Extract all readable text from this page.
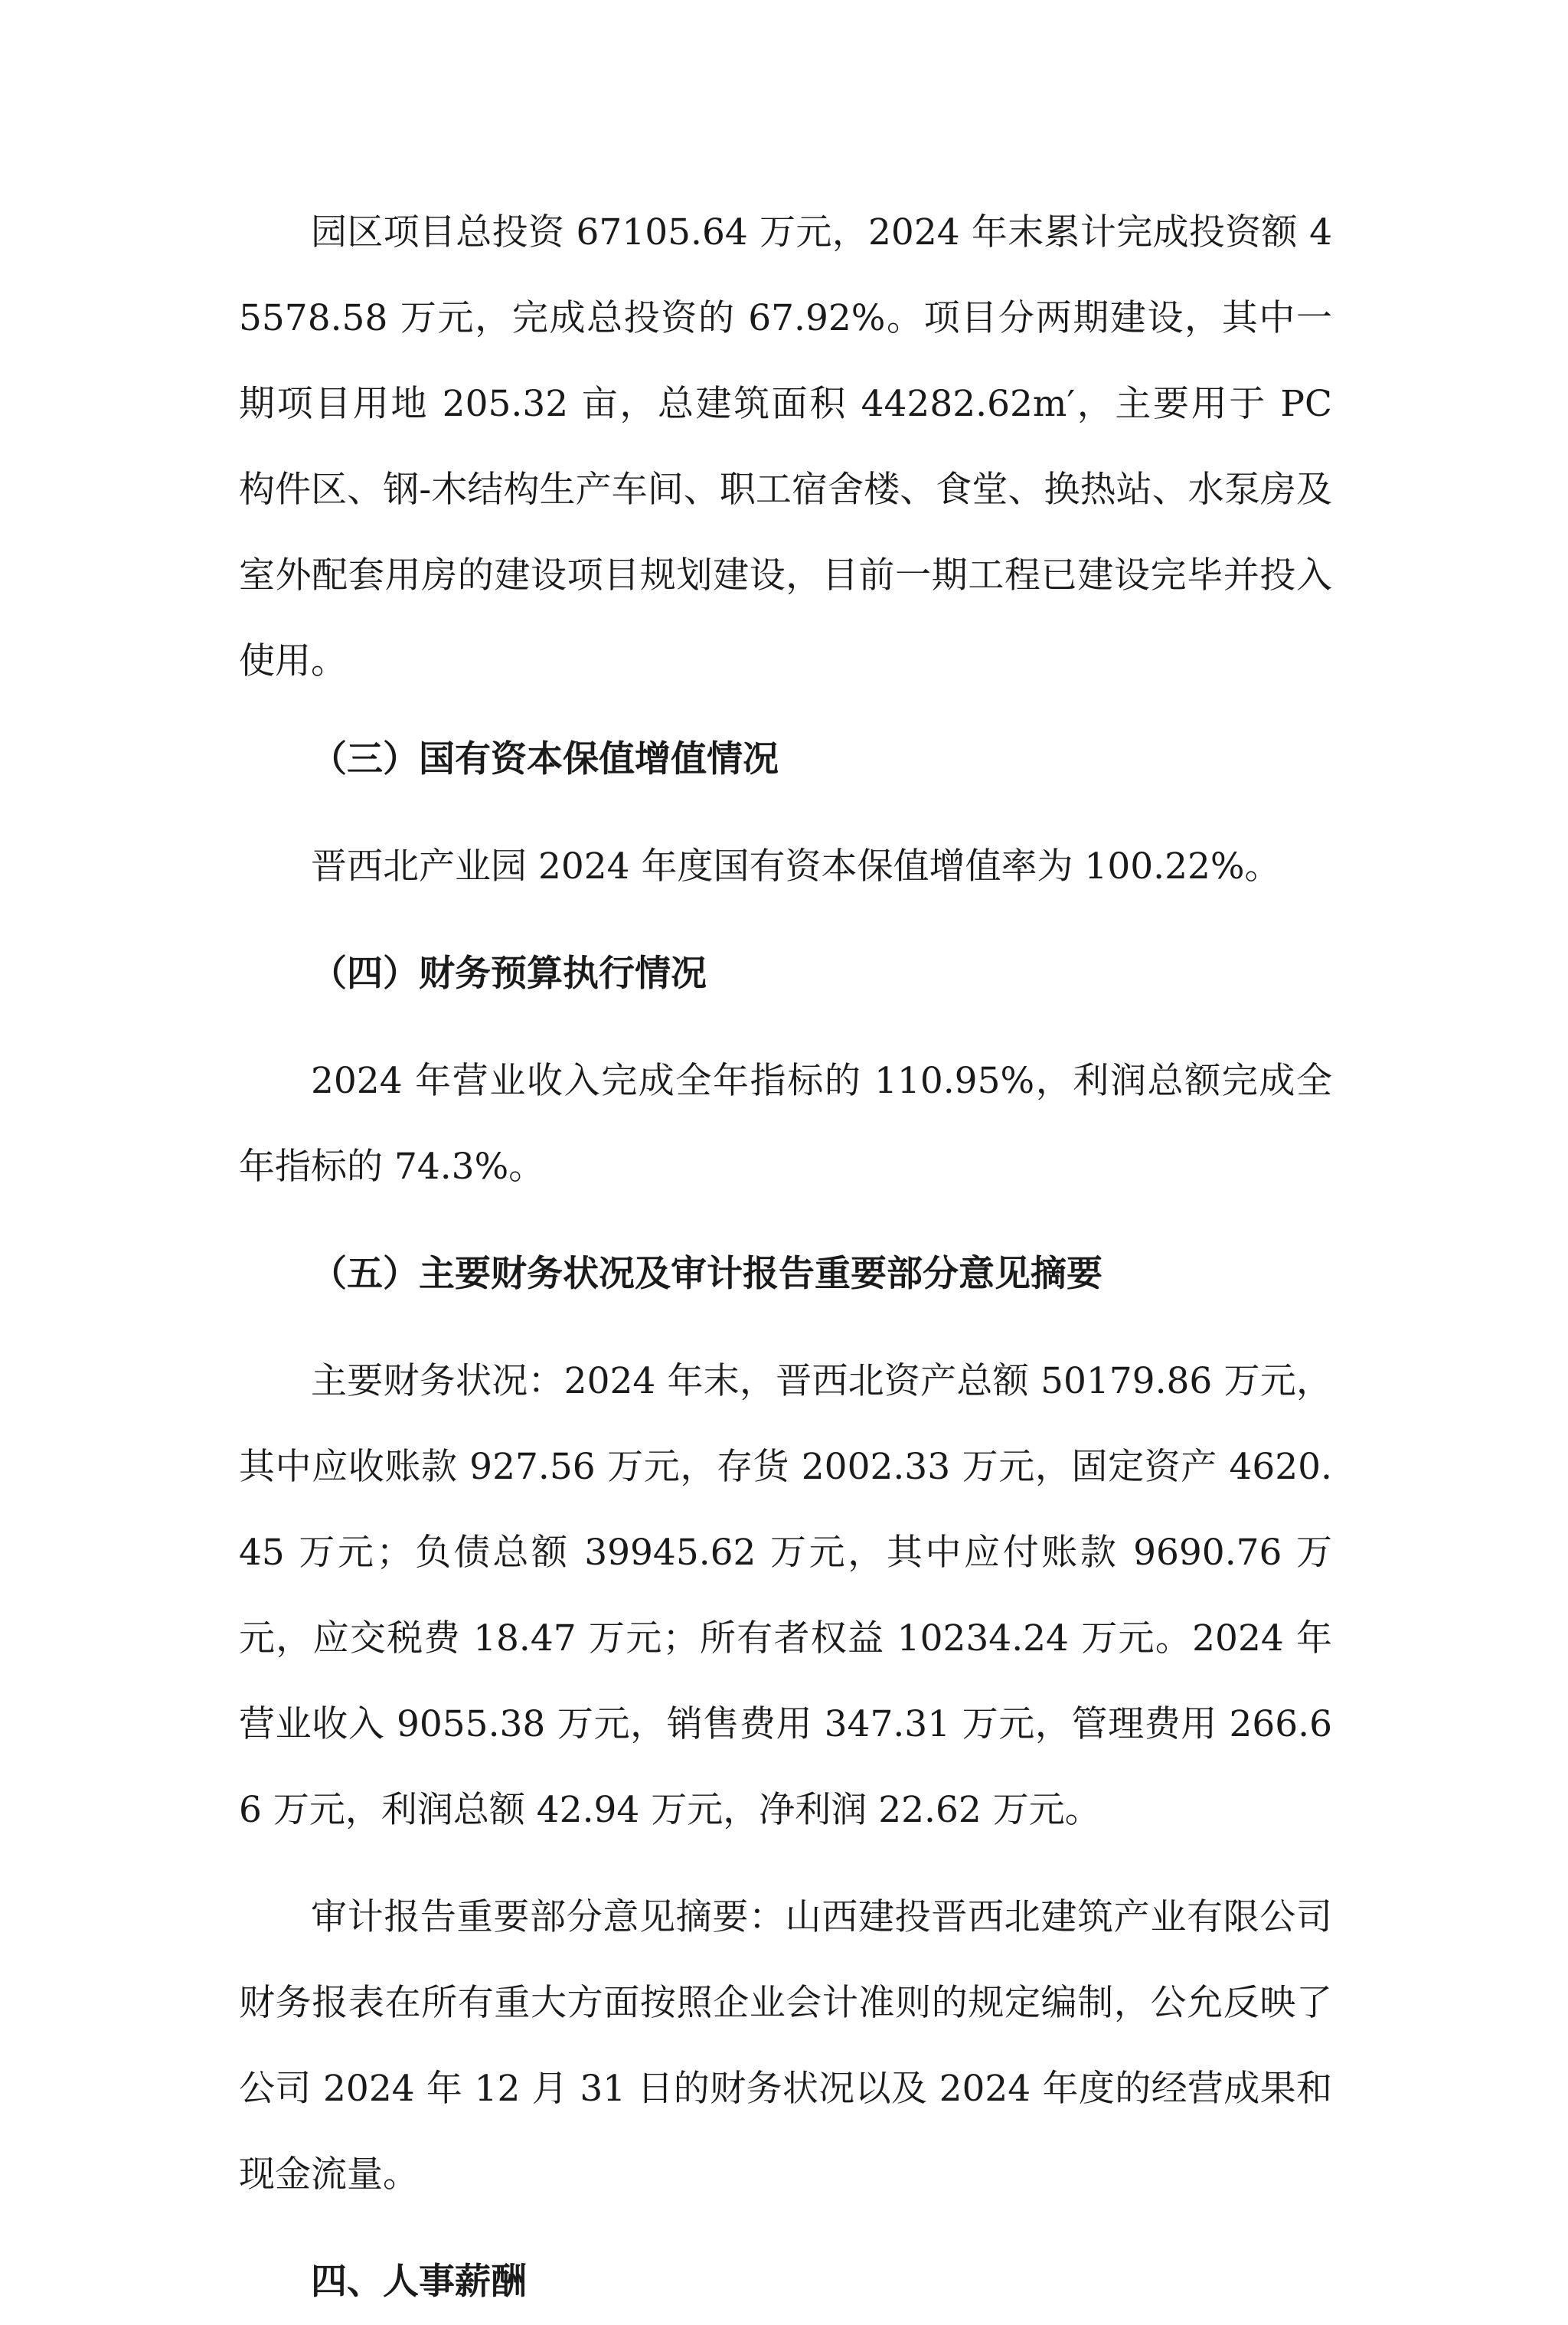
园区项目总投资 67105.64 万元，2024 年末累计完成投资额 45578.58 万元，完成总投资的 67.92%。项目分两期建设，其中一期项目用地 205.32 亩，总建筑面积 44282.62m′，主要用于 PC 构件区、钢-木结构生产车间、职工宿舍楼、食堂、换热站、水泵房及室外配套用房的建设项目规划建设，目前一期工程已建设完毕并投入使用。

（三）国有资本保值增值情况

晋西北产业园 2024 年度国有资本保值增值率为 100.22%。

（四）财务预算执行情况

2024 年营业收入完成全年指标的 110.95%，利润总额完成全年指标的 74.3%。

（五）主要财务状况及审计报告重要部分意见摘要

主要财务状况：2024 年末，晋西北资产总额 50179.86 万元，其中应收账款 927.56 万元，存货 2002.33 万元，固定资产 4620.45 万元；负债总额 39945.62 万元，其中应付账款 9690.76 万元，应交税费 18.47 万元；所有者权益 10234.24 万元。2024 年营业收入 9055.38 万元，销售费用 347.31 万元，管理费用 266.66 万元，利润总额 42.94 万元，净利润 22.62 万元。

审计报告重要部分意见摘要：山西建投晋西北建筑产业有限公司财务报表在所有重大方面按照企业会计准则的规定编制，公允反映了公司 2024 年 12 月 31 日的财务状况以及 2024 年度的经营成果和现金流量。

四、人事薪酬
